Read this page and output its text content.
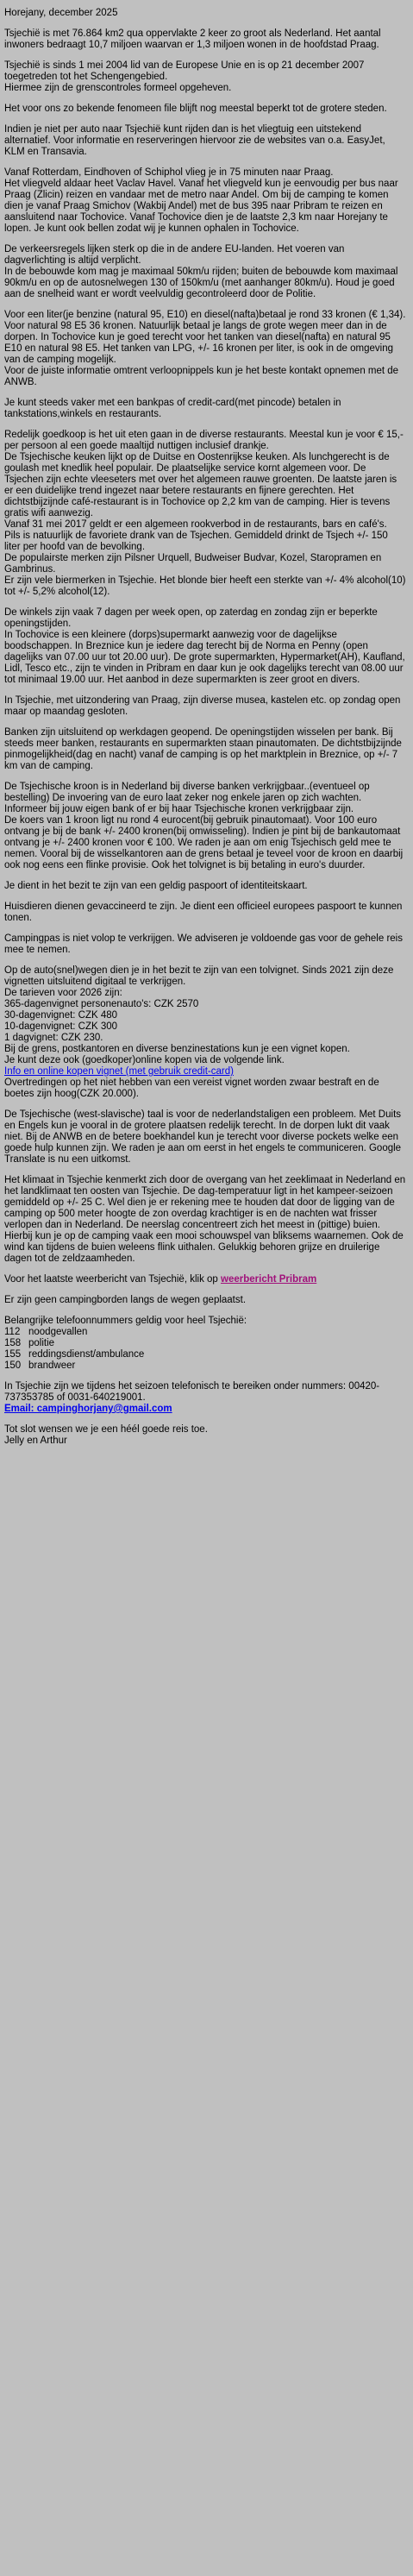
Horejany, december 2025

Tsjechië is met 76.864 km2 qua oppervlakte 2 keer zo groot als Nederland. Het aantal inwoners bedraagt 10,7 miljoen waarvan er 1,3 miljoen wonen in de hoofdstad Praag.

Tsjechië is sinds 1 mei 2004 lid van de Europese Unie en is op 21 december 2007 toegetreden tot het Schengengebied.
Hiermee zijn de grenscontroles formeel opgeheven.

Het voor ons zo bekende fenomeen file blijft nog meestal beperkt tot de grotere steden.

Indien je niet per auto naar Tsjechië kunt rijden dan is het vliegtuig een uitstekend alternatief. Voor informatie en reserveringen hiervoor zie de websites van o.a. EasyJet, KLM en Transavia.

Vanaf Rotterdam, Eindhoven of Schiphol vlieg je in 75 minuten naar Praag.
Het vliegveld aldaar heet Vaclav Havel. Vanaf het vliegveld kun je eenvoudig per bus naar Praag (Zlicin) reizen en vandaar met de metro naar Andel. Om bij de camping te komen dien je vanaf Praag Smichov (Wakbij Andel) met de bus 395 naar Pribram te reizen en aansluitend naar Tochovice. Vanaf Tochovice dien je de laatste 2,3 km naar Horejany te lopen. Je kunt ook bellen zodat wij je kunnen ophalen in Tochovice.

De verkeersregels lijken sterk op die in de andere EU-landen. Het voeren van dagverlichting is altijd verplicht.
In de bebouwde kom mag je maximaal 50km/u rijden; buiten de bebouwde kom maximaal 90km/u en op de autosnelwegen 130 of 150km/u (met aanhanger 80km/u). Houd je goed aan de snelheid want er wordt veelvuldig gecontroleerd door de Politie.

Voor een liter(je benzine (natural 95, E10) en diesel(nafta)betaal je rond 33 kronen (€ 1,34). Voor natural 98 E5 36 kronen. Natuurlijk betaal je langs de grote wegen meer dan in de dorpen. In Tochovice kun je goed terecht voor het tanken van diesel(nafta) en natural 95 E10 en natural 98 E5. Het tanken van LPG, +/- 16 kronen per liter, is ook in de omgeving van de camping mogelijk.
Voor de juiste informatie omtrent verloopnippels kun je het beste kontakt opnemen met de ANWB.

Je kunt steeds vaker met een bankpas of credit-card(met pincode) betalen in tankstations,winkels en restaurants.

Redelijk goedkoop is het uit eten gaan in de diverse restaurants. Meestal kun je voor € 15,- per persoon al een goede maaltijd nuttigen inclusief drankje.
De Tsjechische keuken lijkt op de Duitse en Oostenrijkse keuken. Als lunchgerecht is de goulash met knedlik heel populair. De plaatselijke service kornt algemeen voor. De Tsjechen zijn echte vleeseters met over het algemeen rauwe groenten. De laatste jaren is er een duidelijke trend ingezet naar betere restaurants en fijnere gerechten. Het dichtstbijzijnde café-restaurant is in Tochovice op 2,2 km van de camping. Hier is tevens gratis wifi aanwezig.
Vanaf 31 mei 2017 geldt er een algemeen rookverbod in de restaurants, bars en café's.
Pils is natuurlijk de favoriete drank van de Tsjechen. Gemiddeld drinkt de Tsjech +/- 150 liter per hoofd van de bevolking.
De populairste merken zijn Pilsner Urquell, Budweiser Budvar, Kozel, Staropramen en Gambrinus.
Er zijn vele biermerken in Tsjechie. Het blonde bier heeft een sterkte van +/- 4% alcohol(10) tot +/- 5,2% alcohol(12).

De winkels zijn vaak 7 dagen per week open, op zaterdag en zondag zijn er beperkte openingstijden.
In Tochovice is een kleinere (dorps)supermarkt aanwezig voor de dagelijkse boodschappen. In Breznice kun je iedere dag terecht bij de Norma en Penny (open dagelijks van 07.00 uur tot 20.00 uur). De grote supermarkten, Hypermarket(AH), Kaufland, Lidl, Tesco etc., zijn te vinden in Pribram en daar kun je ook dagelijks terecht van 08.00 uur tot minimaal 19.00 uur. Het aanbod in deze supermarkten is zeer groot en divers.

In Tsjechie, met uitzondering van Praag, zijn diverse musea, kastelen etc. op zondag open maar op maandag gesloten.

Banken zijn uitsluitend op werkdagen geopend. De openingstijden wisselen per bank. Bij steeds meer banken, restaurants en supermarkten staan pinautomaten. De dichtstbijzijnde pinmogelijkheid(dag en nacht) vanaf de camping is op het marktplein in Breznice, op +/- 7 km van de camping.

De Tsjechische kroon is in Nederland bij diverse banken verkrijgbaar..(eventueel op bestelling) De invoering van de euro laat zeker nog enkele jaren op zich wachten.
Informeer bij jouw eigen bank of er bij haar Tsjechische kronen verkrijgbaar zijn.
De koers van 1 kroon ligt nu rond 4 eurocent(bij gebruik pinautomaat). Voor 100 euro ontvang je bij de bank +/- 2400 kronen(bij omwisseling). Indien je pint bij de bankautomaat ontvang je +/- 2400 kronen voor € 100. We raden je aan om enig Tsjechisch geld mee te nemen. Vooral bij de wisselkantoren aan de grens betaal je teveel voor de kroon en daarbij ook nog eens een flinke provisie. Ook het tolvignet is bij betaling in euro's duurder.

Je dient in het bezit te zijn van een geldig paspoort of identiteitskaart.

Huisdieren dienen gevaccineerd te zijn. Je dient een officieel europees paspoort te kunnen tonen.

Campingpas is niet volop te verkrijgen. We adviseren je voldoende gas voor de gehele reis mee te nemen.

Op de auto(snel)wegen dien je in het bezit te zijn van een tolvignet. Sinds 2021 zijn deze vignetten uitsluitend digitaal te verkrijgen.
De tarieven voor 2026 zijn:
365-dagenvignet personenauto's: CZK 2570
30-dagenvignet: CZK 480
10-dagenvignet: CZK 300
1 dagvignet: CZK 230.
Bij de grens, postkantoren en diverse benzinestations kun je een vignet kopen.
Je kunt deze ook (goedkoper)online kopen via de volgende link.
Info en online kopen vignet (met gebruik credit-card)
Overtredingen op het niet hebben van een vereist vignet worden zwaar bestraft en de boetes zijn hoog(CZK 20.000).

De Tsjechische (west-slavische) taal is voor de nederlandstaligen een probleem. Met Duits en Engels kun je vooral in de grotere plaatsen redelijk terecht. In de dorpen lukt dit vaak niet. Bij de ANWB en de betere boekhandel kun je terecht voor diverse pockets welke een goede hulp kunnen zijn. We raden je aan om eerst in het engels te communiceren. Google Translate is nu een uitkomst.

Het klimaat in Tsjechie kenmerkt zich door de overgang van het zeeklimaat in Nederland en het landklimaat ten oosten van Tsjechie. De dag-temperatuur ligt in het kampeer-seizoen gemiddeld op +/- 25 C. Wel dien je er rekening mee te houden dat door de ligging van de camping op 500 meter hoogte de zon overdag krachtiger is en de nachten wat frisser verlopen dan in Nederland. De neerslag concentreert zich het meest in (pittige) buien. Hierbij kun je op de camping vaak een mooi schouwspel van bliksems waarnemen. Ook de wind kan tijdens de buien weleens flink uithalen. Gelukkig behoren grijze en druilerige dagen tot de zeldzaamheden.

Voor het laatste weerbericht van Tsjechië, klik op weerbericht Pribram

Er zijn geen campingborden langs de wegen geplaatst.

Belangrijke telefoonnummers geldig voor heel Tsjechië:
112	noodgevallen
158	politie
155	reddingsdienst/ambulance
150	brandweer
In Tsjechie zijn we tijdens het seizoen telefonisch te bereiken onder nummers: 00420-737353785 of 0031-640219001.
Email: campinghorjany@gmail.com
Tot slot wensen we je een héél goede reis toe.
Jelly en Arthur
